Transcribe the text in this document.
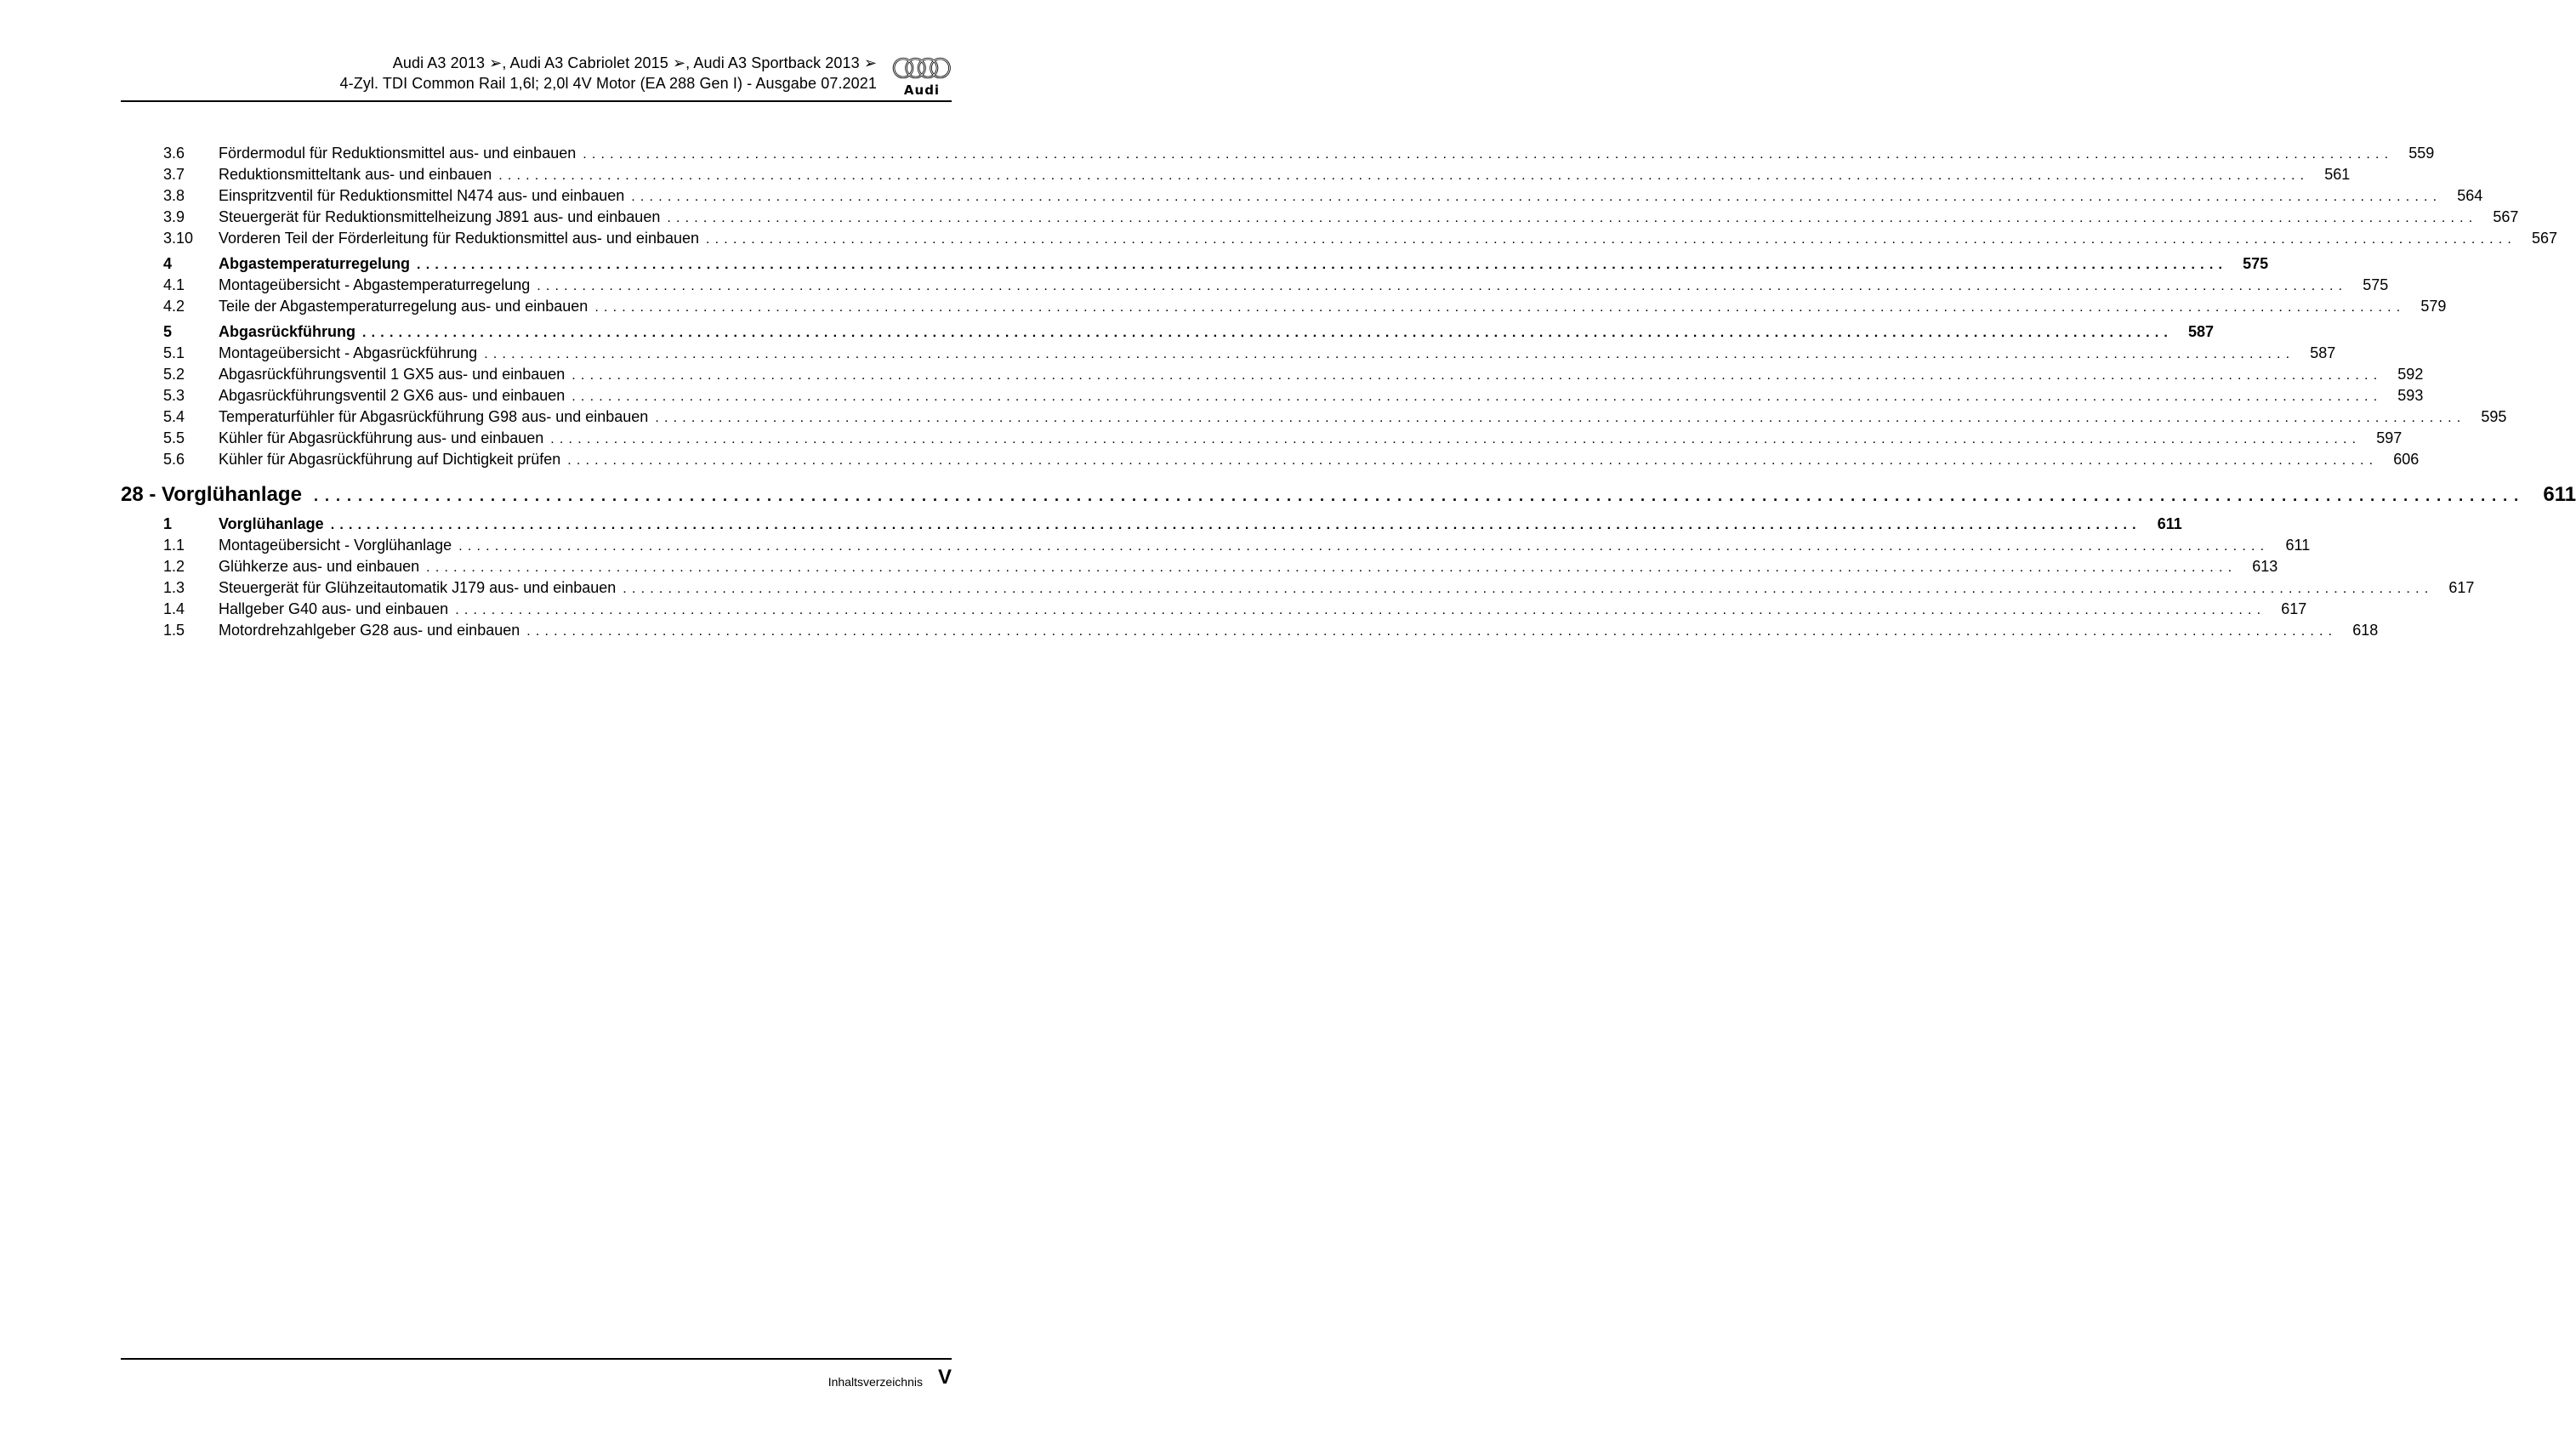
Audi A3 2013 ➢, Audi A3 Cabriolet 2015 ➢, Audi A3 Sportback 2013 ➢
4-Zyl. TDI Common Rail 1,6l; 2,0l 4V Motor (EA 288 Gen I) - Ausgabe 07.2021	Audi
3.6	Fördermodul für Reduktionsmittel aus- und einbauen ........................................................................................................................................................................................................ 559
3.7	Reduktionsmitteltank aus- und einbauen ........................................................................................................................................................................................................ 561
3.8	Einspritzventil für Reduktionsmittel N474 aus- und einbauen ........................................................................................................................................................................................................ 564
3.9	Steuergerät für Reduktionsmittelheizung J891 aus- und einbauen ........................................................................................................................................................................................................ 567
3.10	Vorderen Teil der Förderleitung für Reduktionsmittel aus- und einbauen ........................................................................................................................................................................................................ 567
4	Abgastemperaturregelung ........................................................................................................................................................................................................ 575
4.1	Montageübersicht - Abgastemperaturregelung ........................................................................................................................................................................................................ 575
4.2	Teile der Abgastemperaturregelung aus- und einbauen ........................................................................................................................................................................................................ 579
5	Abgasrückführung ........................................................................................................................................................................................................ 587
5.1	Montageübersicht - Abgasrückführung ........................................................................................................................................................................................................ 587
5.2	Abgasrückführungsventil 1 GX5 aus- und einbauen ........................................................................................................................................................................................................ 592
5.3	Abgasrückführungsventil 2 GX6 aus- und einbauen ........................................................................................................................................................................................................ 593
5.4	Temperaturfühler für Abgasrückführung G98 aus- und einbauen ........................................................................................................................................................................................................ 595
5.5	Kühler für Abgasrückführung aus- und einbauen ........................................................................................................................................................................................................ 597
5.6	Kühler für Abgasrückführung auf Dichtigkeit prüfen ........................................................................................................................................................................................................ 606
28 - Vorglühanlage ........................................................................................................................................................................................................ 611
1	Vorglühanlage ........................................................................................................................................................................................................	611
1.1	Montageübersicht - Vorglühanlage ........................................................................................................................................................................................................	611
1.2	Glühkerze aus- und einbauen ........................................................................................................................................................................................................ 613
1.3	Steuergerät für Glühzeitautomatik J179 aus- und einbauen ........................................................................................................................................................................................................ 617
1.4	Hallgeber G40 aus- und einbauen ........................................................................................................................................................................................................ 617
1.5	Motordrehzahlgeber G28 aus- und einbauen ........................................................................................................................................................................................................ 618
Inhaltsverzeichnis V
